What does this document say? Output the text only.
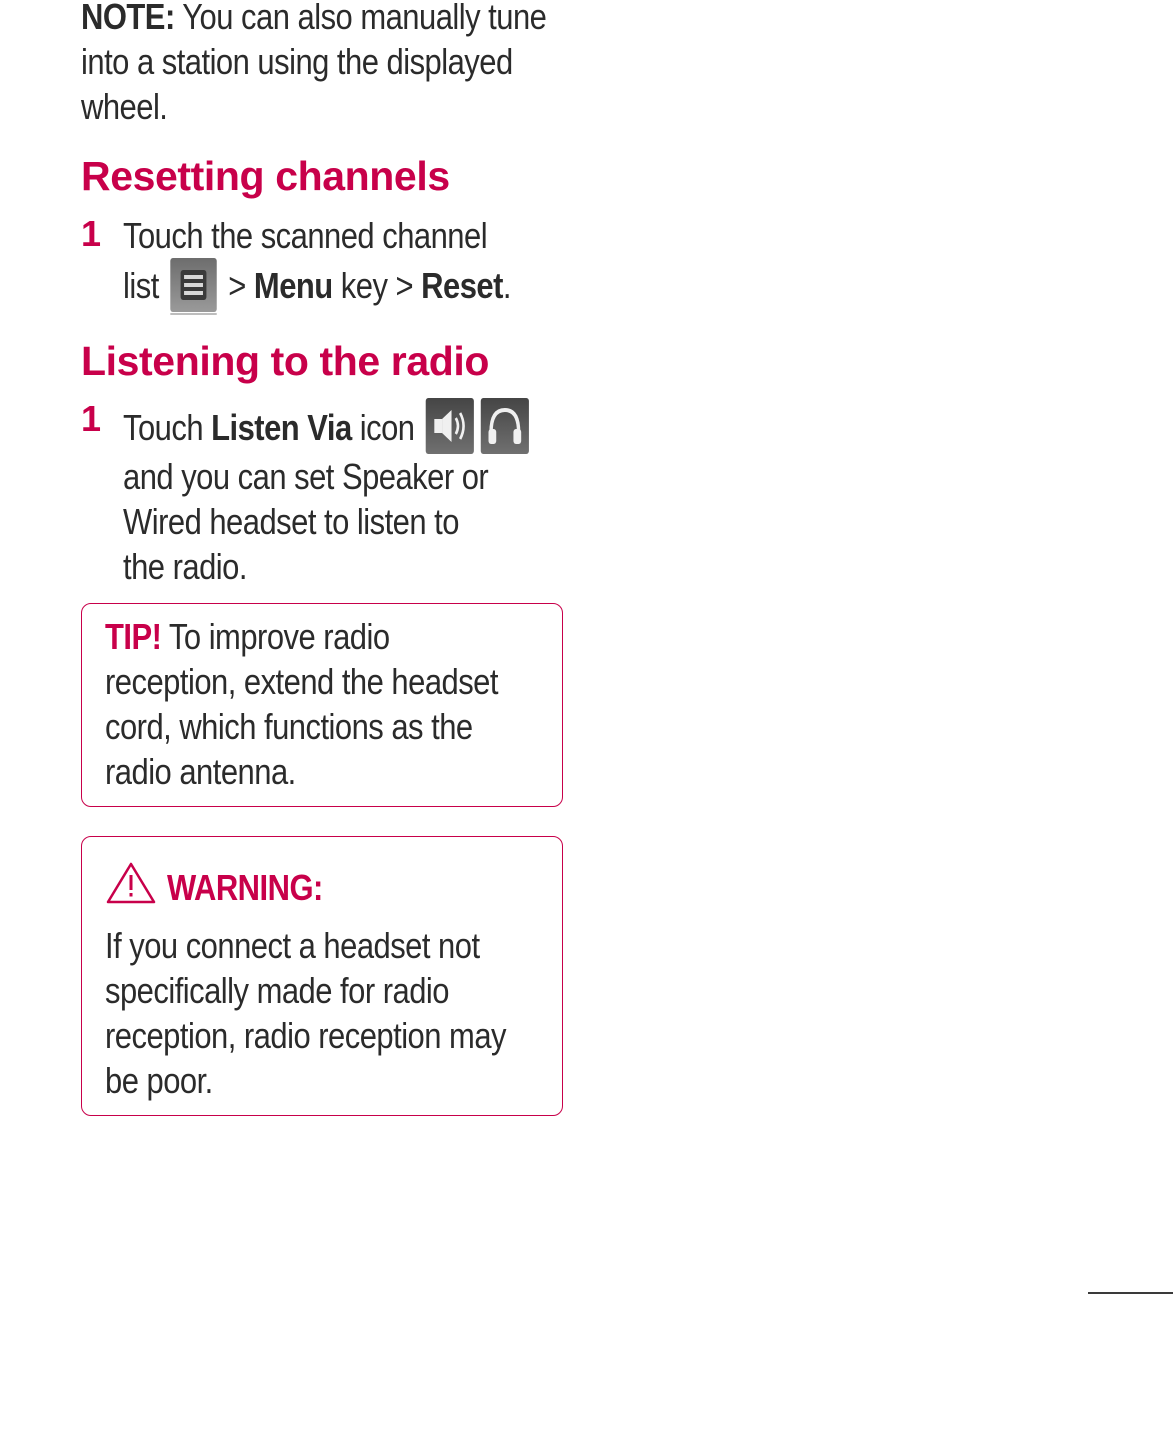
NOTE: You can also manually tune
into a station using the displayed
wheel.
Resetting channels
1 Touch the scanned channel
list  > Menu key > Reset.
Listening to the radio
1 Touch Listen Via icon
and you can set Speaker or
Wired headset to listen to
the radio.
TIP! To improve radio
reception, extend the headset
cord, which functions as the
radio antenna.
WARNING:
If you connect a headset not
specifically made for radio
reception, radio reception may
be poor.
